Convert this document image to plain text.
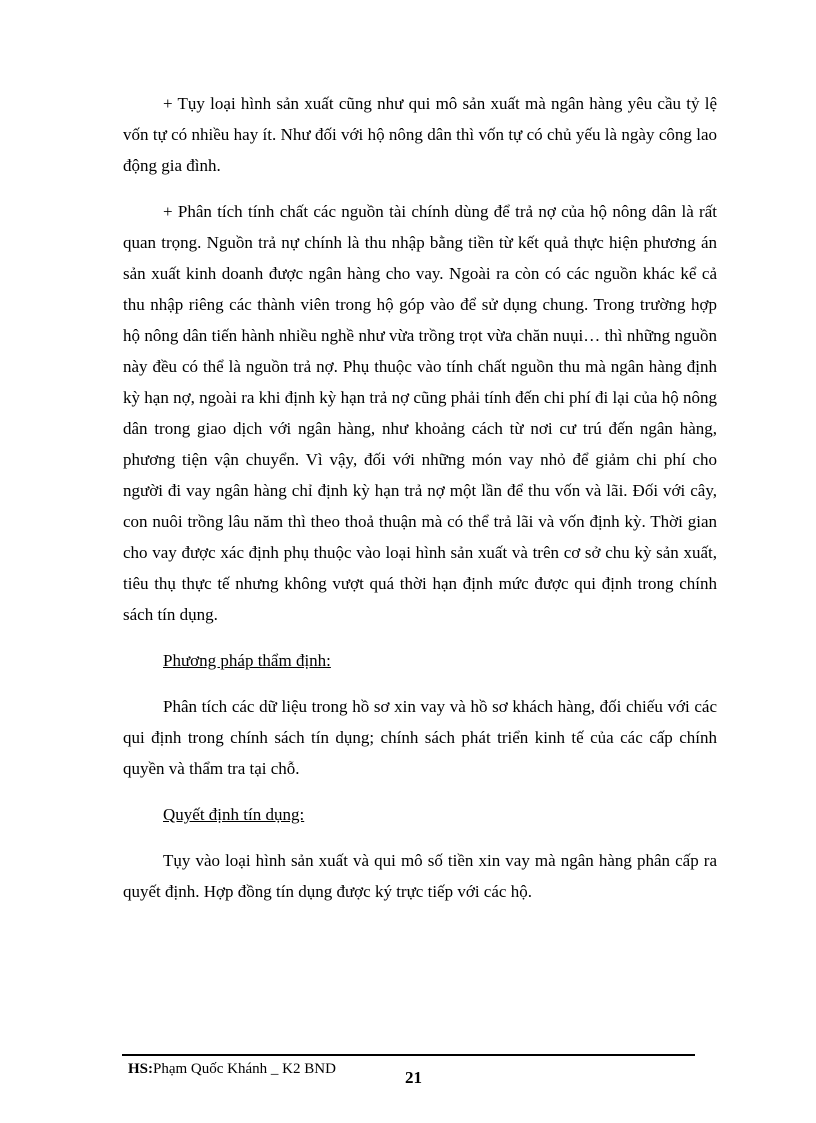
+ Tụy loại hình sản xuất cũng như qui mô sản xuất mà ngân hàng yêu cầu tỷ lệ vốn tự có nhiều hay ít. Như đối với hộ nông dân thì vốn tự có chủ yếu là ngày công lao động gia đình.

+ Phân tích tính chất các nguồn tài chính dùng để trả nợ của hộ nông dân là rất quan trọng. Nguồn trả nự chính là thu nhập bằng tiền từ kết quả thực hiện phương án sản xuất kinh doanh được ngân hàng cho vay. Ngoài ra còn có các nguồn khác kể cả thu nhập riêng các thành viên trong hộ góp vào để sử dụng chung. Trong trường hợp hộ nông dân tiến hành nhiều nghề như vừa trồng trọt vừa chăn nuụi… thì những nguồn này đều có thể là nguồn trả nợ. Phụ thuộc vào tính chất nguồn thu mà ngân hàng định kỳ hạn nợ, ngoài ra khi định kỳ hạn trả nợ cũng phải tính đến chi phí đi lại của hộ nông dân trong giao dịch với ngân hàng, như khoảng cách từ nơi cư trú đến ngân hàng, phương tiện vận chuyển. Vì vậy, đối với những món vay nhỏ để giảm chi phí cho người đi vay ngân hàng chỉ định kỳ hạn trả nợ một lần để thu vốn và lãi. Đối với cây, con nuôi trồng lâu năm thì theo thoả thuận mà có thể trả lãi và vốn định kỳ. Thời gian cho vay được xác định phụ thuộc vào loại hình sản xuất và trên cơ sở chu kỳ sản xuất, tiêu thụ thực tế nhưng không vượt quá thời hạn định mức được qui định trong chính sách tín dụng.

Phương pháp thẩm định:

Phân tích các dữ liệu trong hồ sơ xin vay và hồ sơ khách hàng, đối chiếu với các qui định trong chính sách tín dụng; chính sách phát triển kinh tế của các cấp chính quyền và thẩm tra tại chỗ.

Quyết định tín dụng:

Tụy vào loại hình sản xuất và qui mô số tiền xin vay mà ngân hàng phân cấp ra quyết định. Hợp đồng tín dụng được ký trực tiếp với các hộ.

HS:Phạm Quốc Khánh _ K2 BND	21
